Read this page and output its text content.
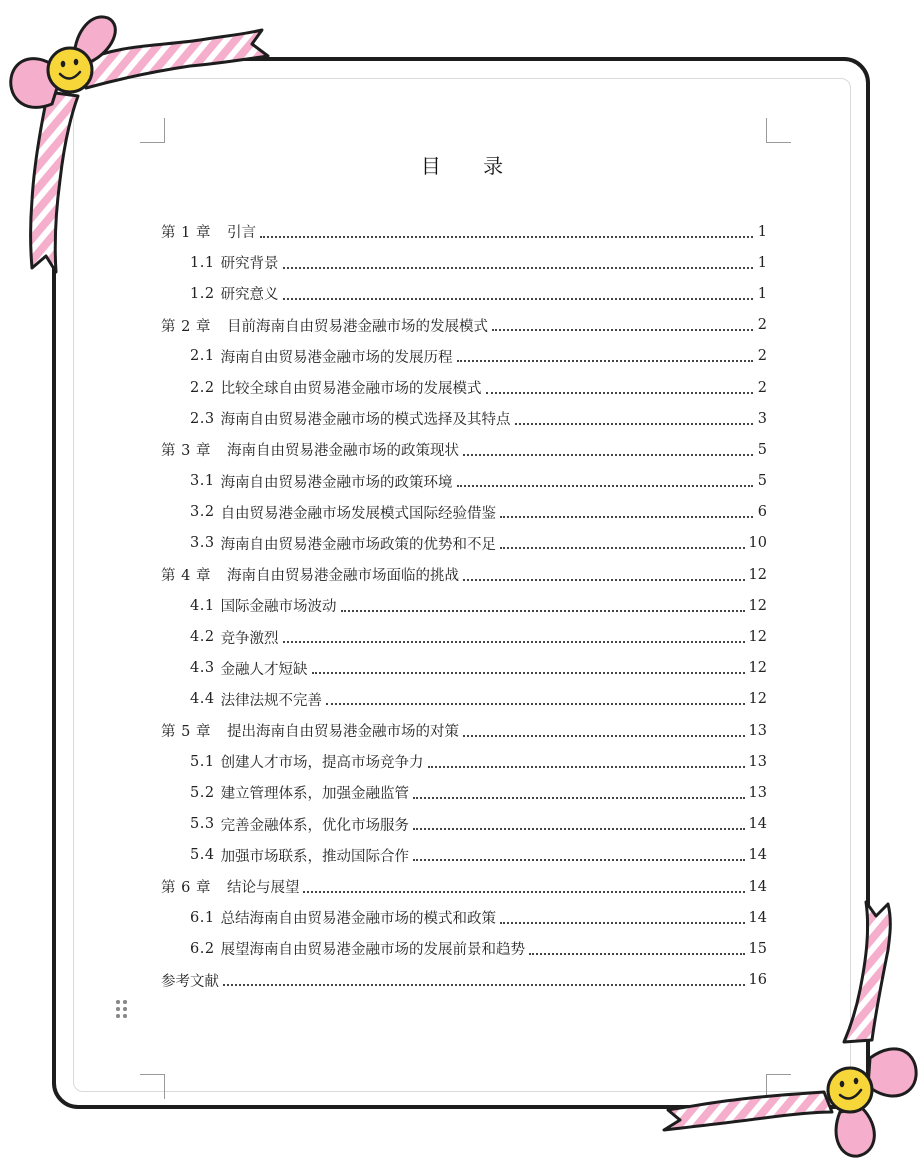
目 录
第 1 章 引言	1
1.1 研究背景	1
1.2 研究意义	1
第 2 章 目前海南自由贸易港金融市场的发展模式	2
2.1 海南自由贸易港金融市场的发展历程	2
2.2 比较全球自由贸易港金融市场的发展模式	2
2.3 海南自由贸易港金融市场的模式选择及其特点	3
第 3 章 海南自由贸易港金融市场的政策现状	5
3.1 海南自由贸易港金融市场的政策环境	5
3.2 自由贸易港金融市场发展模式国际经验借鉴	6
3.3 海南自由贸易港金融市场政策的优势和不足	10
第 4 章 海南自由贸易港金融市场面临的挑战	12
4.1 国际金融市场波动	12
4.2 竞争激烈	12
4.3 金融人才短缺	12
4.4 法律法规不完善	12
第 5 章 提出海南自由贸易港金融市场的对策	13
5.1 创建人才市场，提高市场竞争力	13
5.2 建立管理体系，加强金融监管	13
5.3 完善金融体系，优化市场服务	14
5.4 加强市场联系，推动国际合作	14
第 6 章 结论与展望	14
6.1 总结海南自由贸易港金融市场的模式和政策	14
6.2 展望海南自由贸易港金融市场的发展前景和趋势	15
参考文献	16
